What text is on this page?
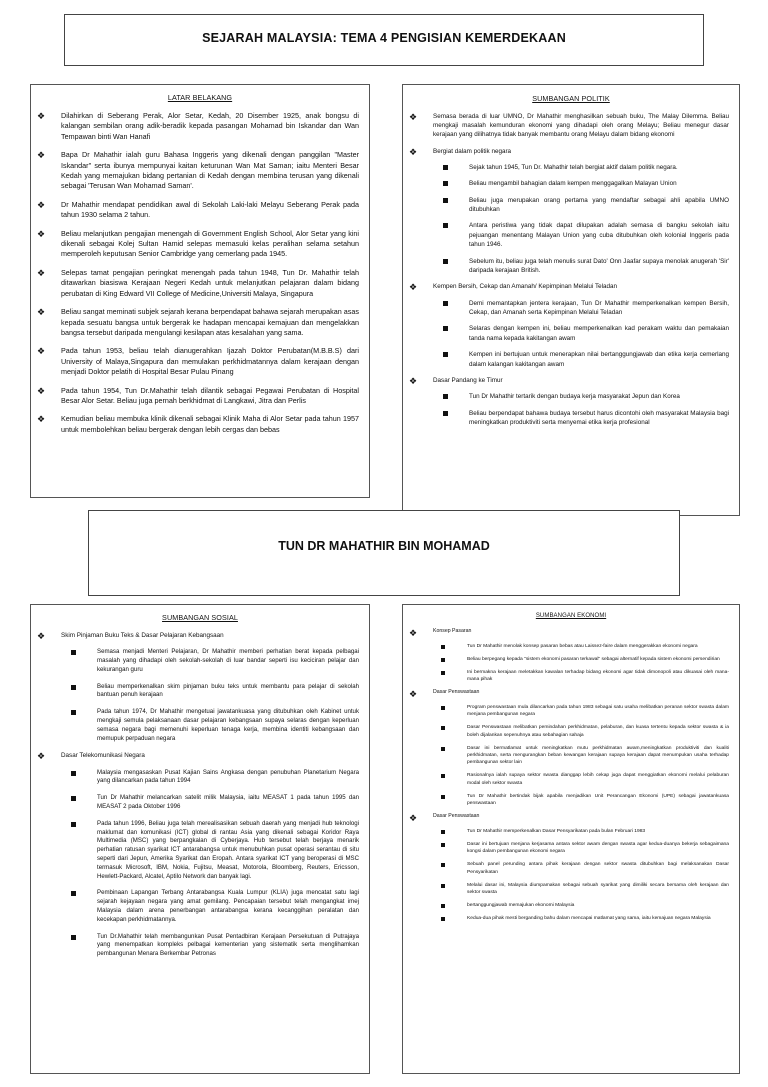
SEJARAH MALAYSIA: TEMA 4 PENGISIAN KEMERDEKAAN
LATAR BELAKANG
❖ Dilahirkan di Seberang Perak, Alor Setar, Kedah, 20 Disember 1925, anak bongsu di kalangan sembilan orang adik-beradik kepada pasangan Mohamad bin Iskandar dan Wan Tempawan binti Wan Hanafi
❖ Bapa Dr Mahathir ialah guru Bahasa Inggeris yang dikenali dengan panggilan "Master Iskandar" serta ibunya mempunyai kaitan keturunan Wan Mat Saman; iaitu Menteri Besar Kedah yang memajukan bidang pertanian di Kedah dengan membina terusan yang dikenali sebagai 'Terusan Wan Mohamad Saman'.
❖ Dr Mahathir mendapat pendidikan awal di Sekolah Laki-laki Melayu Seberang Perak pada tahun 1930 selama 2 tahun.
❖ Beliau melanjutkan pengajian menengah di Government English School, Alor Setar yang kini dikenali sebagai Kolej Sultan Hamid selepas memasuki kelas peralihan selama setahun memperoleh keputusan Senior Cambridge yang cemerlang pada 1945.
❖ Selepas tamat pengajian peringkat menengah pada tahun 1948, Tun Dr. Mahathir telah ditawarkan biasiswa Kerajaan Negeri Kedah untuk melanjutkan pelajaran dalam bidang perubatan di King Edward VII College of Medicine,Universiti Malaya, Singapura
❖ Beliau sangat meminati subjek sejarah kerana berpendapat bahawa sejarah merupakan asas kepada sesuatu bangsa untuk bergerak ke hadapan mencapai kemajuan dan mengelakkan bangsa tersebut daripada mengulangi kesilapan atas kesalahan yang sama.
❖ Pada tahun 1953, beliau telah dianugerahkan Ijazah Doktor Perubatan(M.B.B.S) dari University of Malaya,Singapura dan memulakan perkhidmatannya dalam kerajaan dengan menjadi Doktor pelatih di Hospital Besar Pulau Pinang
❖ Pada tahun 1954, Tun Dr.Mahathir telah dilantik sebagai Pegawai Perubatan di Hospital Besar Alor Setar. Beliau juga pernah berkhidmat di Langkawi, Jitra dan Perlis
❖ Kemudian beliau membuka klinik dikenali sebagai Klinik Maha di Alor Setar pada tahun 1957 untuk membolehkan beliau bergerak dengan lebih cergas dan bebas
SUMBANGAN POLITIK
❖	Semasa berada di luar UMNO, Dr Mahathir menghasilkan sebuah buku, The Malay Dilemma. Beliau mengkaji masalah kemunduran ekonomi yang dihadapi oleh orang Melayu; Beliau menegur dasar kerajaan yang dilihatnya tidak banyak membantu orang Melayu dalam bidang ekonomi
❖	Bergiat dalam politik negara
Sejak tahun 1945, Tun Dr. Mahathir telah bergiat aktif dalam politik negara.
Beliau mengambil bahagian dalam kempen menggagalkan Malayan Union
Beliau juga merupakan orang pertama yang mendaftar sebagai ahli apabila UMNO ditubuhkan
Antara peristiwa yang tidak dapat dilupakan adalah semasa di bangku sekolah iaitu pejuangan menentang Malayan Union yang cuba ditubuhkan oleh kolonial Inggeris pada tahun 1946.
Sebelum itu, beliau juga telah menulis surat Dato' Onn Jaafar supaya menolak anugerah 'Sir' daripada kerajaan British.
❖	Kempen Bersih, Cekap dan Amanah/ Kepimpinan Melalui Teladan
Demi memantapkan jentera kerajaan, Tun Dr Mahathir memperkenalkan kempen Bersih, Cekap, dan Amanah serta Kepimpinan Melalui Teladan
Selaras dengan kempen ini, beliau memperkenalkan kad perakam waktu dan pemakaian tanda nama kepada kakitangan awam
Kempen ini bertujuan untuk menerapkan nilai bertanggungjawab dan etika kerja cemerlang dalam kalangan kakitangan awam
❖	Dasar Pandang ke Timur
Tun Dr Mahathir tertarik dengan budaya kerja masyarakat Jepun dan Korea
Beliau berpendapat bahawa budaya tersebut harus dicontohi oleh masyarakat Malaysia bagi meningkatkan produktiviti serta menyemai etika kerja profesional
TUN DR MAHATHIR BIN MOHAMAD
SUMBANGAN SOSIAL
❖	Skim Pinjaman Buku Teks & Dasar Pelajaran Kebangsaan
Semasa menjadi Menteri Pelajaran, Dr Mahathir memberi perhatian berat kepada pelbagai masalah yang dihadapi oleh sekolah-sekolah di luar bandar seperti isu keciciran pelajar dan kekurangan guru
Beliau memperkenalkan skim pinjaman buku teks untuk membantu para pelajar di sekolah bantuan penuh kerajaan
Pada tahun 1974, Dr Mahathir mengetuai jawatankuasa yang ditubuhkan oleh Kabinet untuk mengkaji semula pelaksanaan dasar pelajaran kebangsaan supaya selaras dengan keperluan semasa negara bagi memenuhi keperluan tenaga kerja, membina identiti kebangsaan dan memupuk perpaduan negara
❖	Dasar Telekomunikasi Negara
Malaysia mengasaskan Pusat Kajian Sains Angkasa dengan penubuhan Planetarium Negara yang dilancarkan pada tahun 1994
Tun Dr Mahathir melancarkan satelit milik Malaysia, iaitu MEASAT 1 pada tahun 1995 dan MEASAT 2 pada Oktober 1996
Pada tahun 1996, Beliau juga telah merealisasikan sebuah daerah yang menjadi hub teknologi maklumat dan komunikasi (ICT) global di rantau Asia yang dikenali sebagai Koridor Raya Multimedia (MSC) yang berpangkalan di Cyberjaya. Hub tersebut telah berjaya menarik perhatian ratusan syarikat ICT antarabangsa untuk menubuhkan pusat operasi serantau di situ seperti dari Jepun, Amerika Syarikat dan Eropah. Antara syarikat ICT yang beroperasi di MSC termasuk Microsoft, IBM, Nokia, Fujitsu, Measat, Motorola, Bloomberg, Reuters, Ericsson, Hewlett-Packard, Alcatel, Aptilo Network dan banyak lagi.
Pembinaan Lapangan Terbang Antarabangsa Kuala Lumpur (KLIA) juga mencatat satu lagi sejarah kejayaan negara yang amat gemilang. Pencapaian tersebut telah mengangkat imej Malaysia dalam arena penerbangan antarabangsa kerana kecanggihan peralatan dan kecekapan perkhidmatannya.
Tun Dr.Mahathir telah membangunkan Pusat Pentadbiran Kerajaan Persekutuan di Putrajaya yang menempatkan kompleks pelbagai kementerian yang sistematik serta menglihamkan pembangunan Menara Berkembar Petronas
SUMBANGAN EKONOMI
❖	Konsep Pasaran
Tun Dr Mahathir menolak konsep pasaran bebas atau Laissez-faire dalam menggerakkan ekonomi negara
Beliau berpegang kepada "sistem ekonomi pasaran terkawal" sebagai alternatif kepada sistem ekonomi persendirian
Ini bermakna kerajaan meletakkan kawalan terhadap bidang ekonomi agar tidak dimonopoli atau dikuasai oleh mana-mana pihak
❖	Dasar Penswastaan
Program penswastaan mula dilancarkan pada tahun 1983 sebagai satu usaha melibatkan peranan sektor swasta dalam menjana pembangunan negara
Dasar Penswastaan melibatkan pemindahan perkhidmatan, pelaburan, dan kuasa tertentu kepada sektor swasta & ia boleh dijalankan sepenuhnya atau sebahagian sahaja
Dasar ini bermatlamat untuk meningkatkan mutu perkhidmatan awam,meningkatkan produktiviti dan kualiti perkhidmatan, serta mengurangkan beban kewangan kerajaan supaya kerajaan dapat menumpukan usaha terhadap pembangunan sektor lain
Rasionalnya ialah supaya sektor swasta dianggap lebih cekap juga dapat menggiatkan ekonomi melalui pelaburan modal oleh sektor swasta
Tun Dr Mahathir bertindak bijak apabila menjadikan Unit Perancangan Ekonomi (UPE) sebagai jawatankuasa penswastaan
❖	Dasar Penswastaan
Tun Dr Mahathir memperkenalkan Dasar Pensyarikatan pada bulan Februari 1983
Dasar ini bertujuan menjana kerjasama antara sektor awam dengan swasta agar kedua-duanya bekerja sebagaimana kongsi dalam pembangunan ekonomi negara
Sebuah panel perunding antara pihak kerajaan dengan sektor swasta ditubuhkan bagi melaksanakan Dasar Pensyarikatan
Melalui dasar ini, Malaysia diumpamakan sebagai sebuah syarikat yang dimiliki secara bersama oleh kerajaan dan sektor swasta
bertanggungjawab memajukan ekonomi Malaysia
Kedua-dua pihak mesti berganding bahu dalam mencapai matlamat yang sama, iaitu kemajuan negara Malaysia
